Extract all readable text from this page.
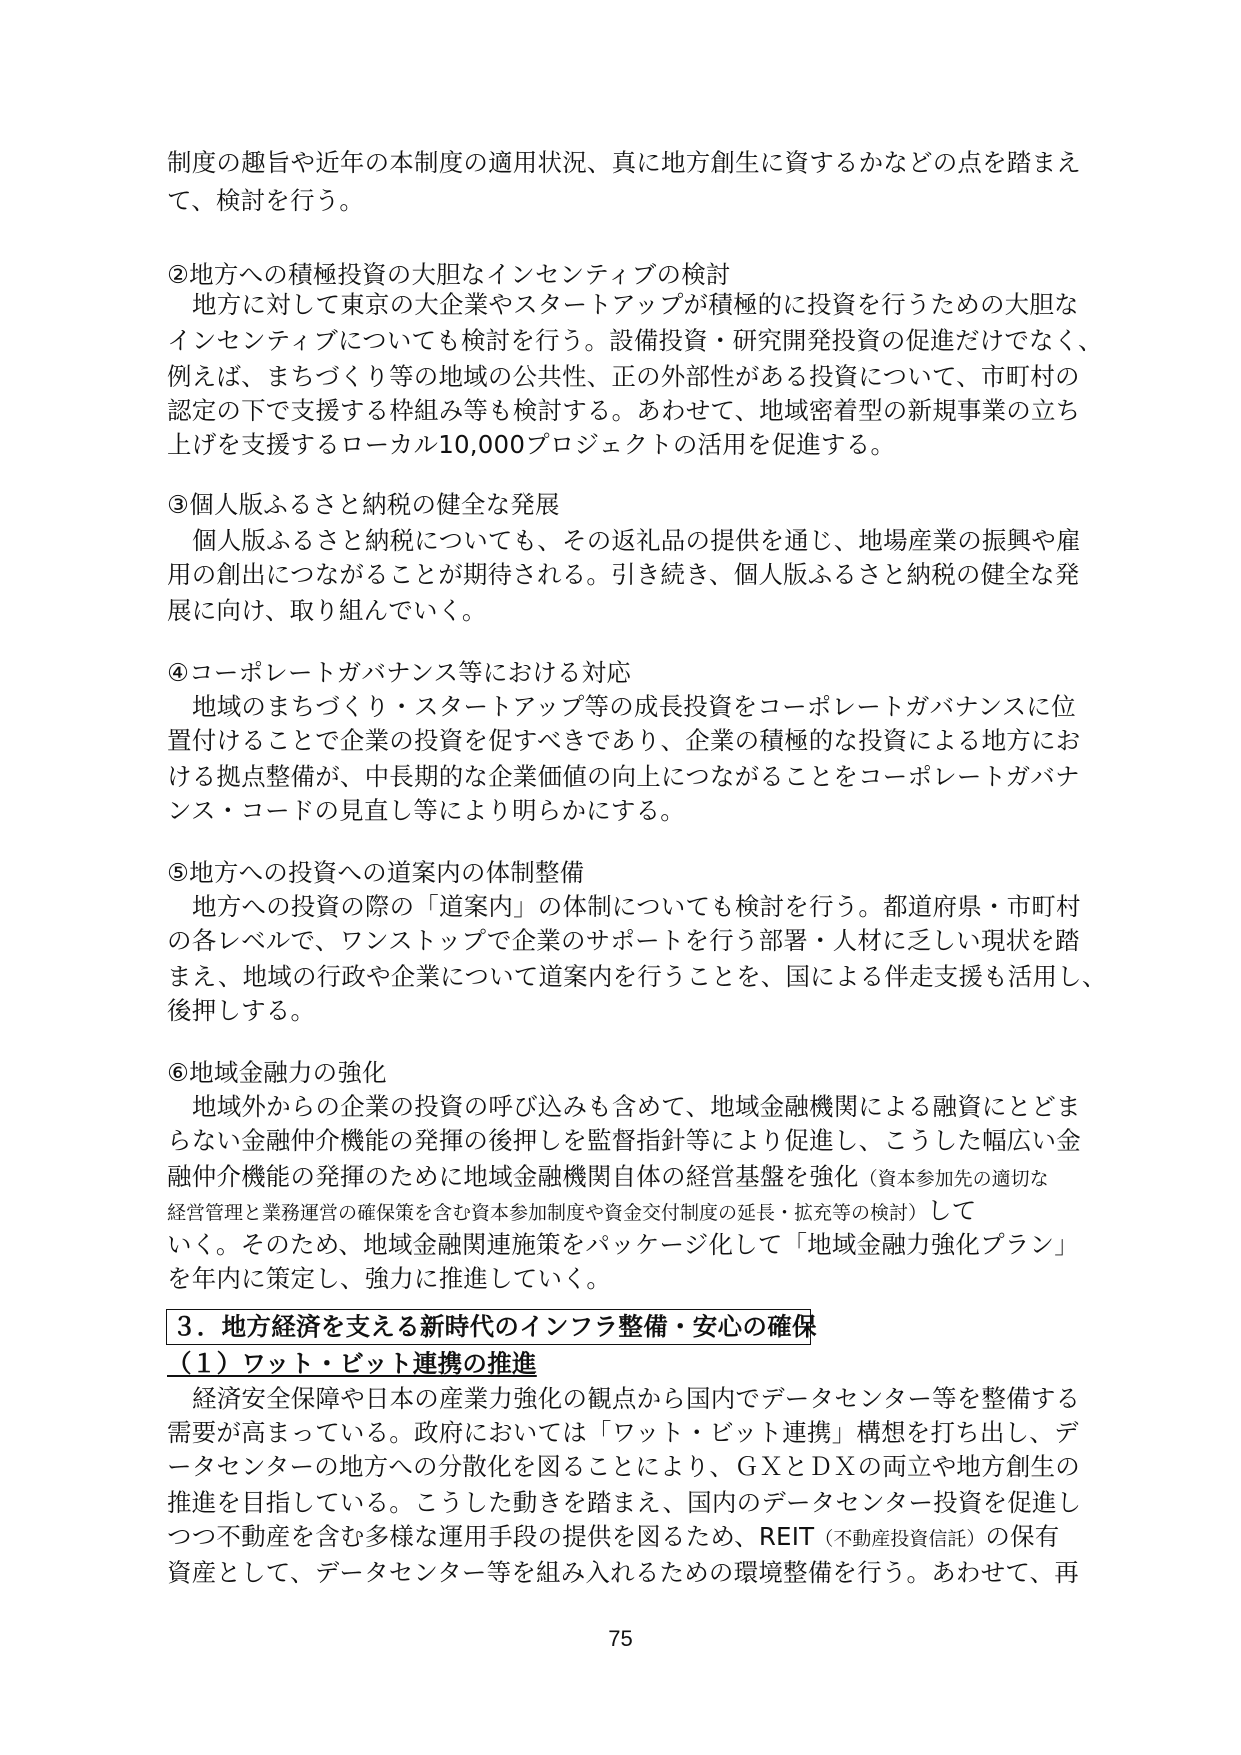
制度の趣旨や近年の本制度の適用状況、真に地方創生に資するかなどの点を踏まえ
て、検討を行う。
②地方への積極投資の大胆なインセンティブの検討
地方に対して東京の大企業やスタートアップが積極的に投資を行うための大胆な
インセンティブについても検討を行う。設備投資・研究開発投資の促進だけでなく、
例えば、まちづくり等の地域の公共性、正の外部性がある投資について、市町村の
認定の下で支援する枠組み等も検討する。あわせて、地域密着型の新規事業の立ち
上げを支援するローカル10,000プロジェクトの活用を促進する。
③個人版ふるさと納税の健全な発展
個人版ふるさと納税についても、その返礼品の提供を通じ、地場産業の振興や雇
用の創出につながることが期待される。引き続き、個人版ふるさと納税の健全な発
展に向け、取り組んでいく。
④コーポレートガバナンス等における対応
地域のまちづくり・スタートアップ等の成長投資をコーポレートガバナンスに位
置付けることで企業の投資を促すべきであり、企業の積極的な投資による地方にお
ける拠点整備が、中長期的な企業価値の向上につながることをコーポレートガバナ
ンス・コードの見直し等により明らかにする。
⑤地方への投資への道案内の体制整備
地方への投資の際の「道案内」の体制についても検討を行う。都道府県・市町村
の各レベルで、ワンストップで企業のサポートを行う部署・人材に乏しい現状を踏
まえ、地域の行政や企業について道案内を行うことを、国による伴走支援も活用し、
後押しする。
⑥地域金融力の強化
地域外からの企業の投資の呼び込みも含めて、地域金融機関による融資にとどま
らない金融仲介機能の発揮の後押しを監督指針等により促進し、こうした幅広い金
融仲介機能の発揮のために地域金融機関自体の経営基盤を強化（資本参加先の適切な
経営管理と業務運営の確保策を含む資本参加制度や資金交付制度の延長・拡充等の検討）して
いく。そのため、地域金融関連施策をパッケージ化して「地域金融力強化プラン」
を年内に策定し、強力に推進していく。
３．地方経済を支える新時代のインフラ整備・安心の確保
（１）ワット・ビット連携の推進
経済安全保障や日本の産業力強化の観点から国内でデータセンター等を整備する
需要が高まっている。政府においては「ワット・ビット連携」構想を打ち出し、デ
ータセンターの地方への分散化を図ることにより、ＧＸとＤＸの両立や地方創生の
推進を目指している。こうした動きを踏まえ、国内のデータセンター投資を促進し
つつ不動産を含む多様な運用手段の提供を図るため、REIT（不動産投資信託）の保有
資産として、データセンター等を組み入れるための環境整備を行う。あわせて、再
75
